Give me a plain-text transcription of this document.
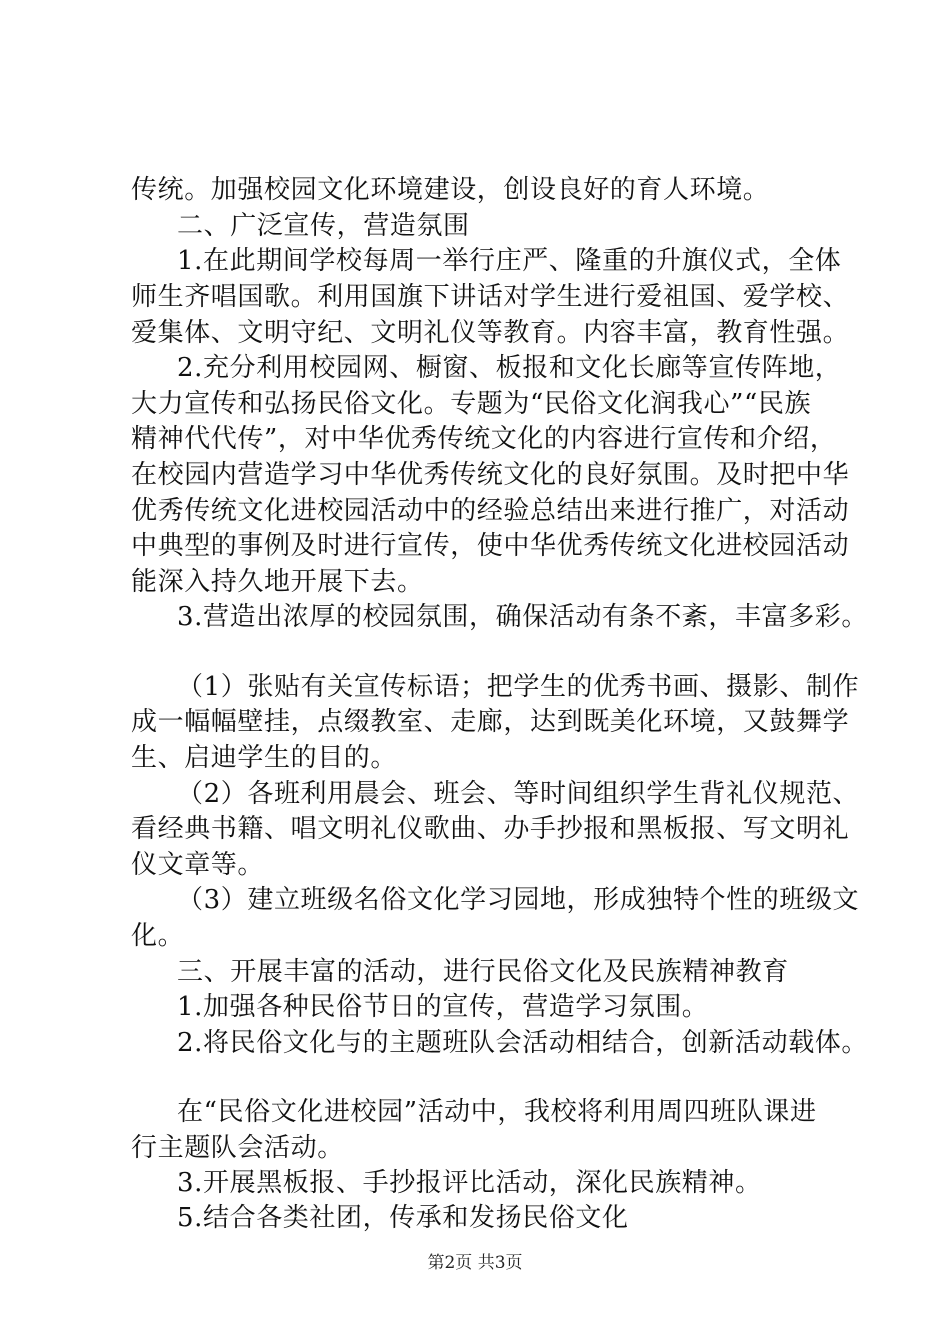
传统。加强校园文化环境建设，创设良好的育人环境。
二、广泛宣传，营造氛围
1.在此期间学校每周一举行庄严、隆重的升旗仪式，全体
师生齐唱国歌。利用国旗下讲话对学生进行爱祖国、爱学校、
爱集体、文明守纪、文明礼仪等教育。内容丰富，教育性强。
2.充分利用校园网、橱窗、板报和文化长廊等宣传阵地，
大力宣传和弘扬民俗文化。专题为“民俗文化润我心”“民族
精神代代传”，对中华优秀传统文化的内容进行宣传和介绍，
在校园内营造学习中华优秀传统文化的良好氛围。及时把中华
优秀传统文化进校园活动中的经验总结出来进行推广，对活动
中典型的事例及时进行宣传，使中华优秀传统文化进校园活动
能深入持久地开展下去。
3.营造出浓厚的校园氛围，确保活动有条不紊，丰富多彩。
（1）张贴有关宣传标语；把学生的优秀书画、摄影、制作
成一幅幅壁挂，点缀教室、走廊，达到既美化环境，又鼓舞学
生、启迪学生的目的。
（2）各班利用晨会、班会、等时间组织学生背礼仪规范、
看经典书籍、唱文明礼仪歌曲、办手抄报和黑板报、写文明礼
仪文章等。
（3）建立班级名俗文化学习园地，形成独特个性的班级文
化。
三、开展丰富的活动，进行民俗文化及民族精神教育
1.加强各种民俗节日的宣传，营造学习氛围。
2.将民俗文化与的主题班队会活动相结合，创新活动载体。
在“民俗文化进校园”活动中，我校将利用周四班队课进
行主题队会活动。
3.开展黑板报、手抄报评比活动，深化民族精神。
5.结合各类社团，传承和发扬民俗文化
第2页 共3页
